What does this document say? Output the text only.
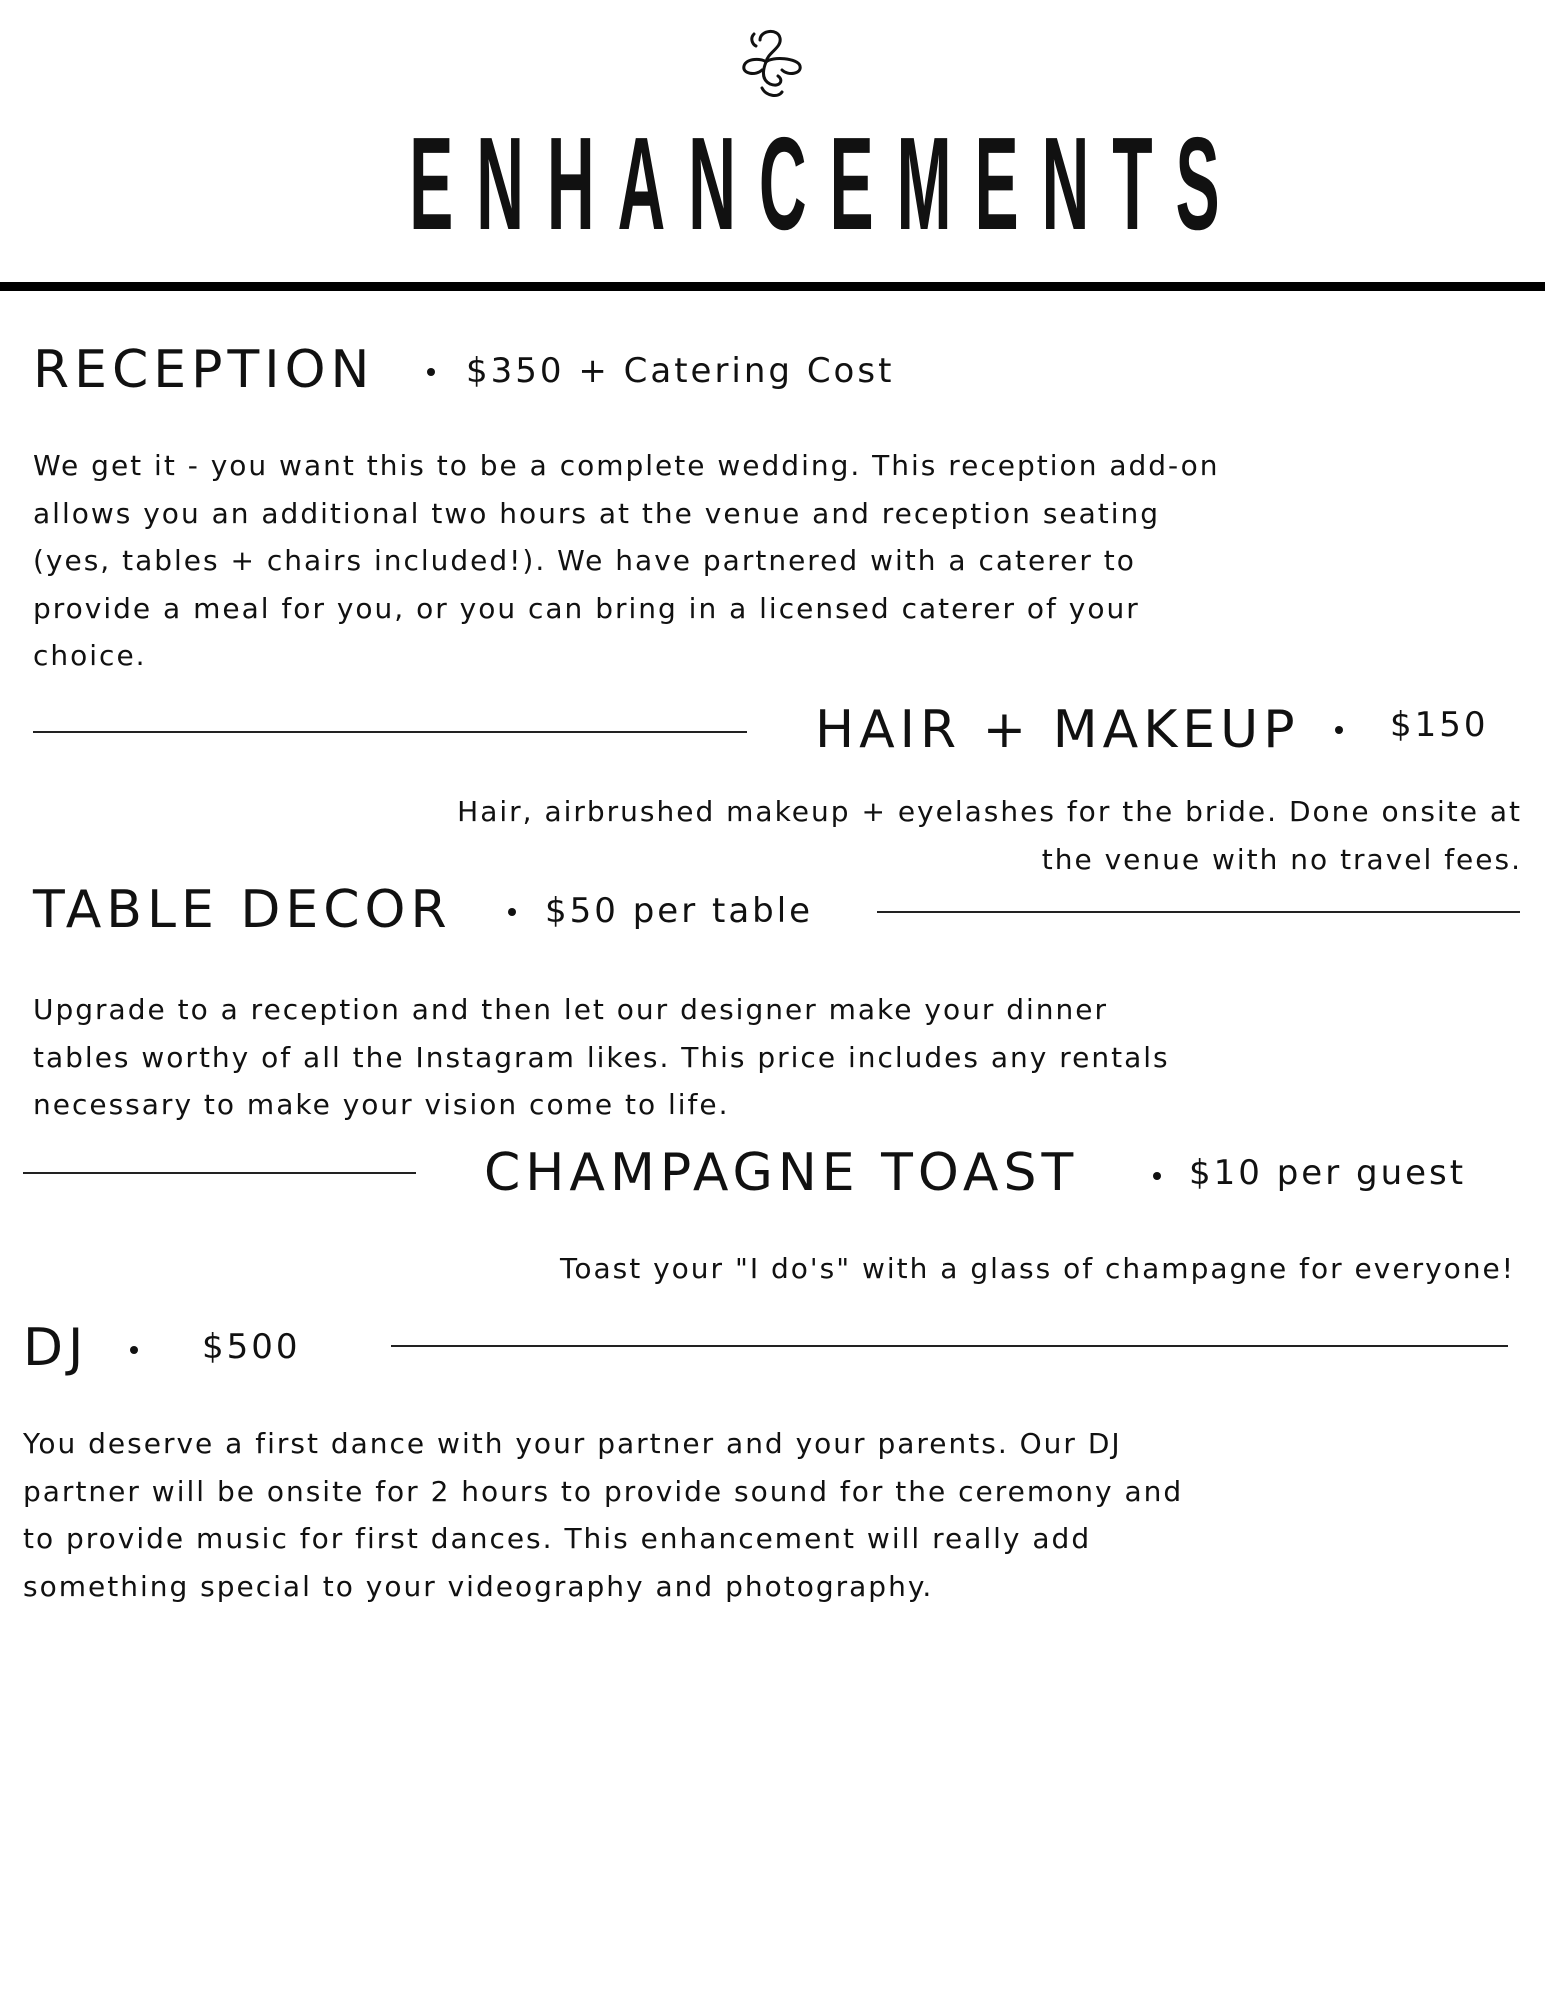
ENHANCEMENTS
RECEPTION	$350 + Catering Cost
We get it - you want this to be a complete wedding. This reception add-on allows you an additional two hours at the venue and reception seating (yes, tables + chairs included!). We have partnered with a caterer to provide a meal for you, or you can bring in a licensed caterer of your choice.
HAIR + MAKEUP	$150
Hair, airbrushed makeup + eyelashes for the bride. Done onsite at the venue with no travel fees.
TABLE DECOR	$50 per table
Upgrade to a reception and then let our designer make your dinner tables worthy of all the Instagram likes. This price includes any rentals necessary to make your vision come to life.
CHAMPAGNE TOAST	$10 per guest
Toast your "I do's" with a glass of champagne for everyone!
DJ	$500
You deserve a first dance with your partner and your parents. Our DJ partner will be onsite for 2 hours to provide sound for the ceremony and to provide music for first dances. This enhancement will really add something special to your videography and photography.
